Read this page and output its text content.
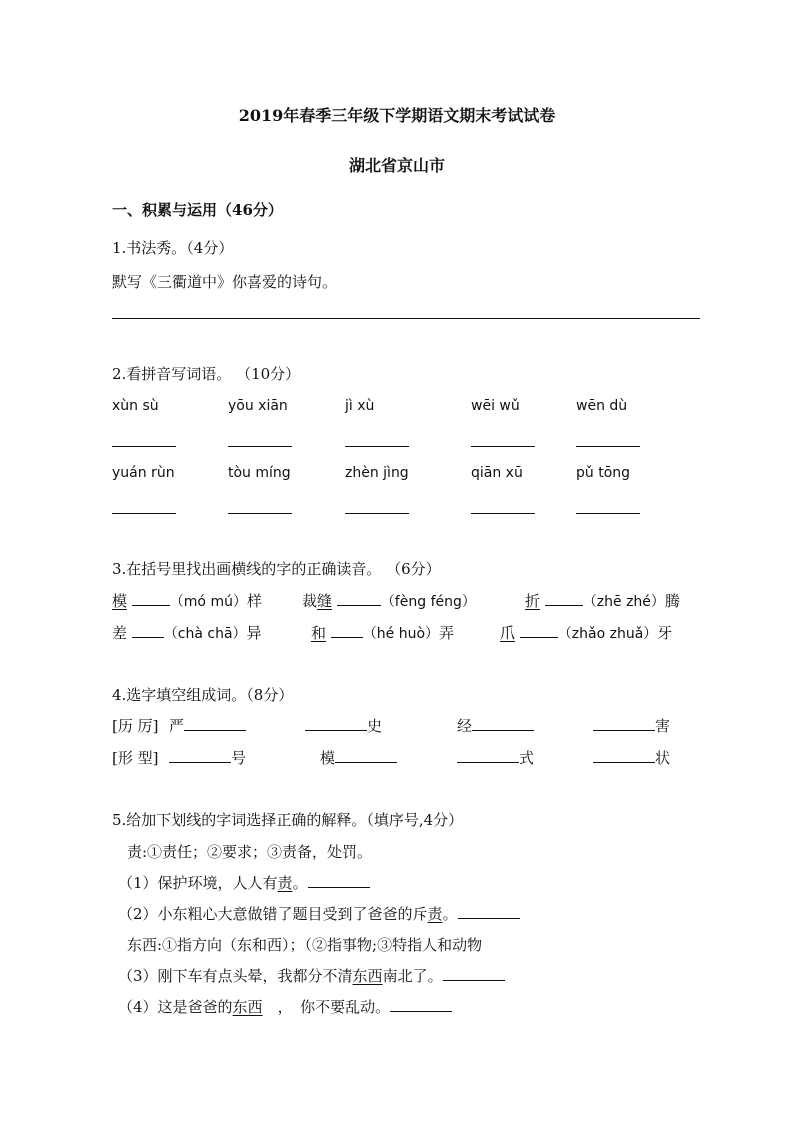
2019年春季三年级下学期语文期末考试试卷
湖北省京山市
一、积累与运用（46分）
1.书法秀。（4分）
默写《三衢道中》你喜爱的诗句。
2.看拼音写词语。 （10分）
xùn sù	yōu xiān	jì xù	wēi wǔ	wēn dù
yuán rùn	tòu míng	zhèn jìng	qiān xū	pǔ tōng
3.在括号里找出画横线的字的正确读音。 （6分）
模	（mó mú）样	裁缝	（fèng féng）	折	（zhē zhé）腾
差	（chà chā）异	和	（hé huò）弄	爪	（zhǎo zhuǎ）牙
4.选字填空组成词。（8分）
[历 厉] 严	史	经	害
[形 型]	号	模	式	状
5.给加下划线的字词选择正确的解释。（填序号,4分）
责:①责任；②要求；③责备，处罚。
（1）保护环境，人人有责。
（2）小东粗心大意做错了题目受到了爸爸的斥责。
东西:①指方向（东和西）；（②指事物;③特指人和动物
（3）刚下车有点头晕，我都分不清东西南北了。
（4）这是爸爸的东西　，　你不要乱动。
